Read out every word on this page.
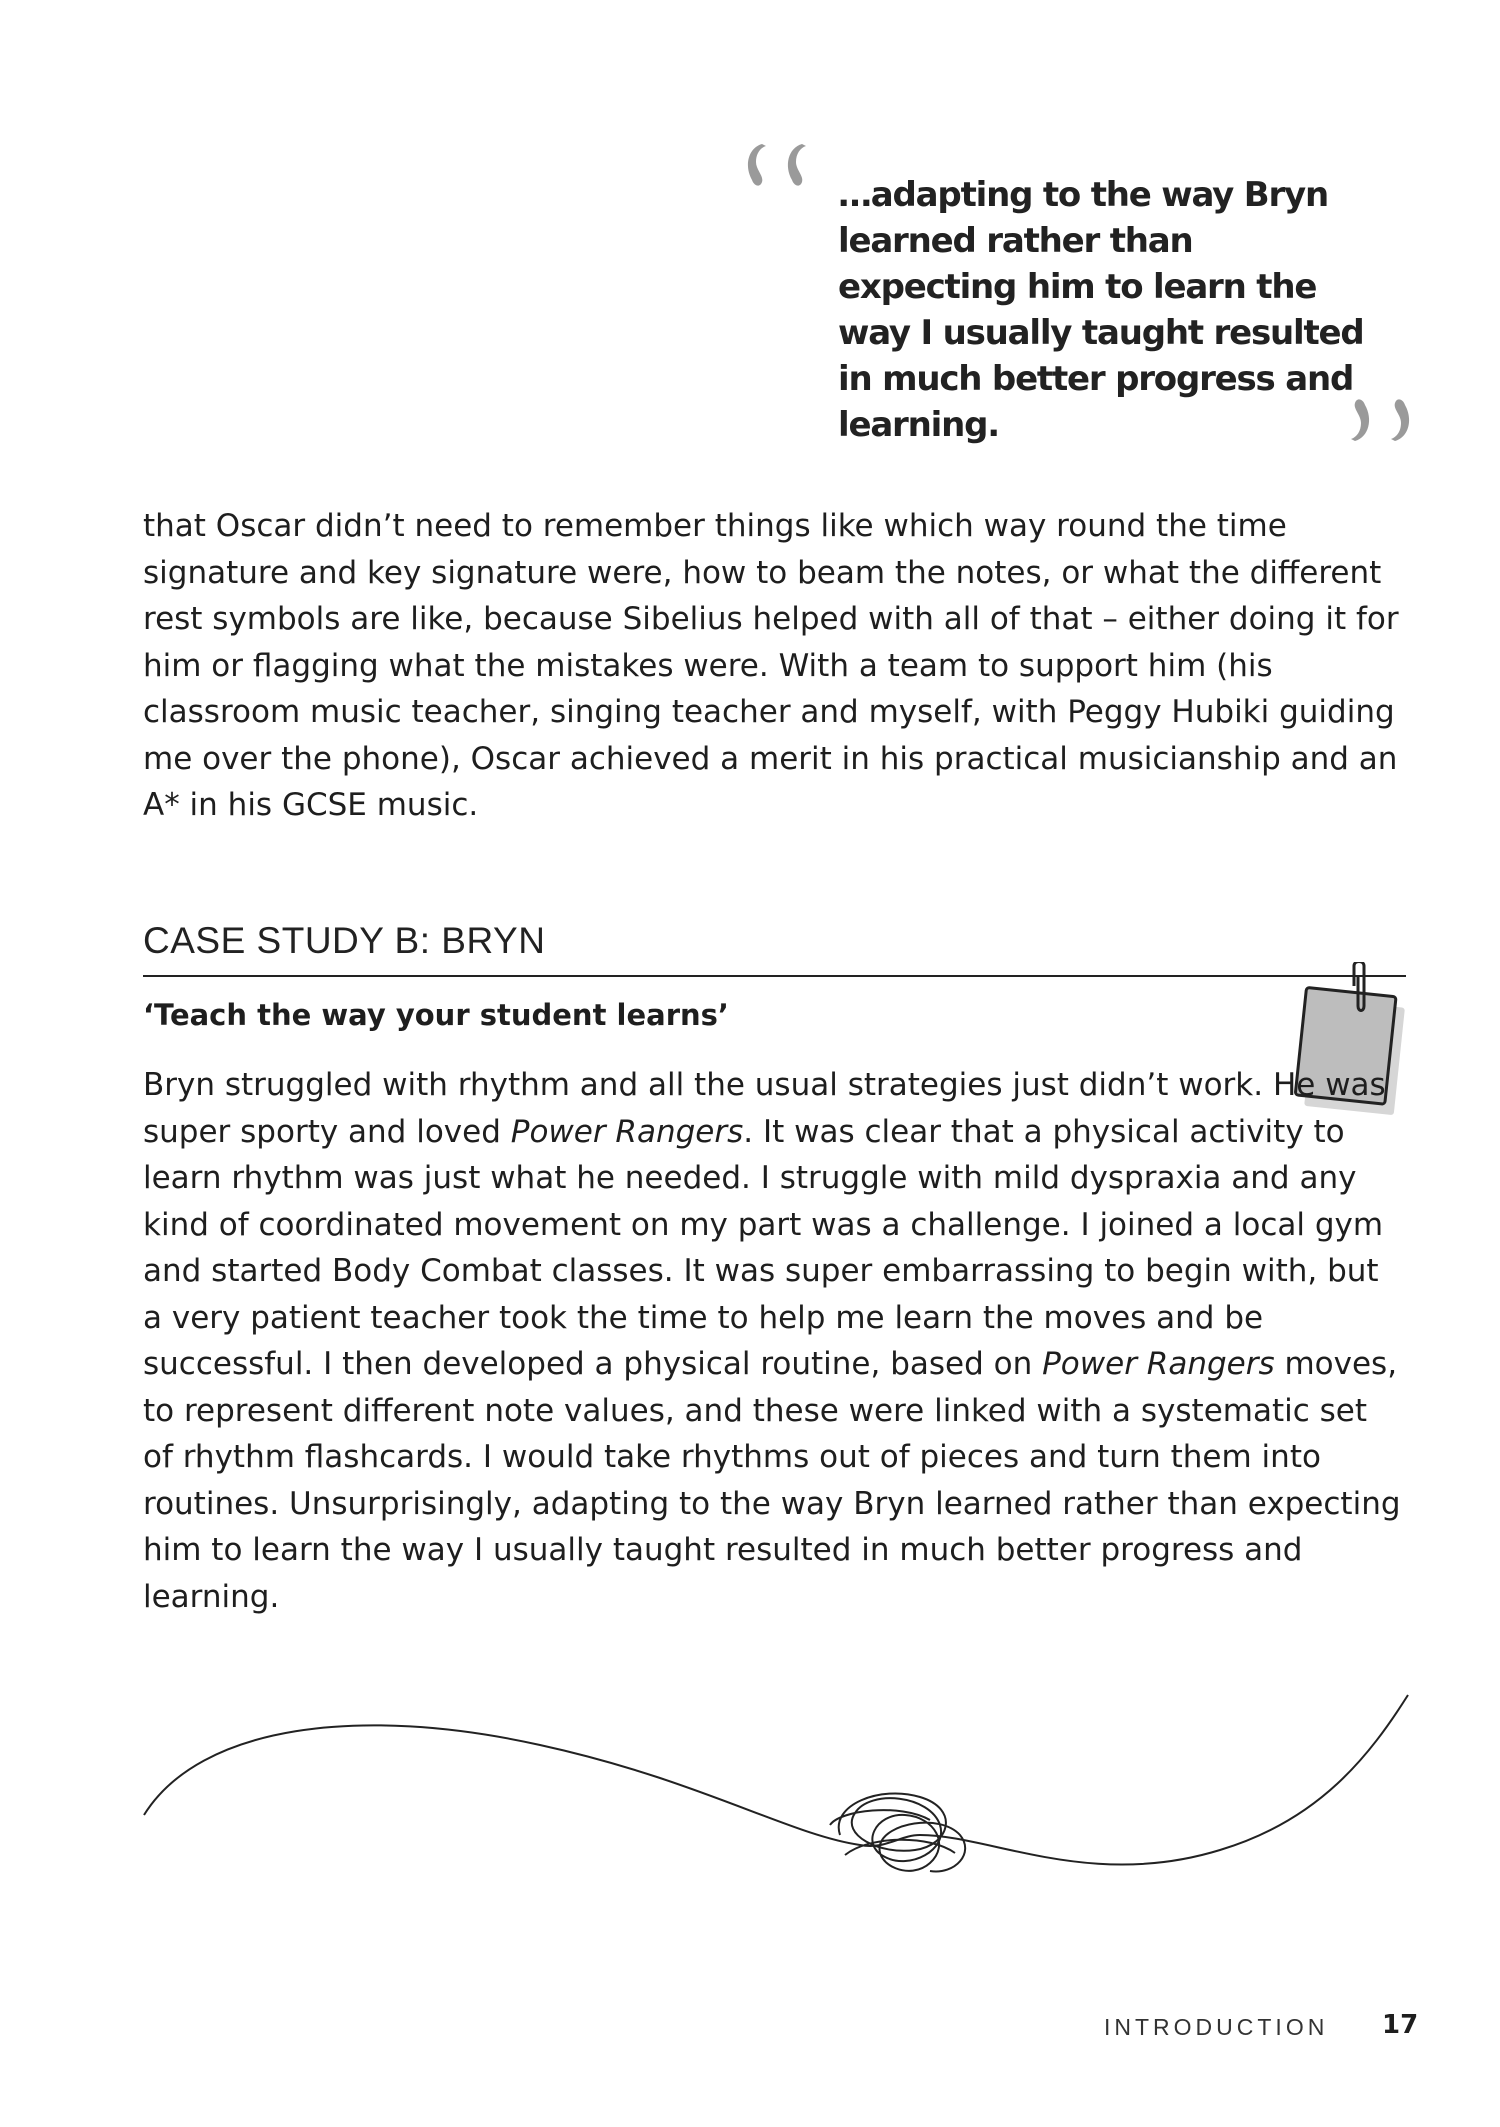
…adapting to the way Bryn learned rather than expecting him to learn the way I usually taught resulted in much better progress and learning.

that Oscar didn’t need to remember things like which way round the time signature and key signature were, how to beam the notes, or what the different rest symbols are like, because Sibelius helped with all of that – either doing it for him or flagging what the mistakes were. With a team to support him (his classroom music teacher, singing teacher and myself, with Peggy Hubiki guiding me over the phone), Oscar achieved a merit in his practical musicianship and an A* in his GCSE music.

CASE STUDY B: BRYN

‘Teach the way your student learns’

Bryn struggled with rhythm and all the usual strategies just didn’t work. He was super sporty and loved Power Rangers. It was clear that a physical activity to learn rhythm was just what he needed. I struggle with mild dyspraxia and any kind of coordinated movement on my part was a challenge. I joined a local gym and started Body Combat classes. It was super embarrassing to begin with, but a very patient teacher took the time to help me learn the moves and be successful. I then developed a physical routine, based on Power Rangers moves, to represent different note values, and these were linked with a systematic set of rhythm flashcards. I would take rhythms out of pieces and turn them into routines. Unsurprisingly, adapting to the way Bryn learned rather than expecting him to learn the way I usually taught resulted in much better progress and learning.

INTRODUCTION 17
